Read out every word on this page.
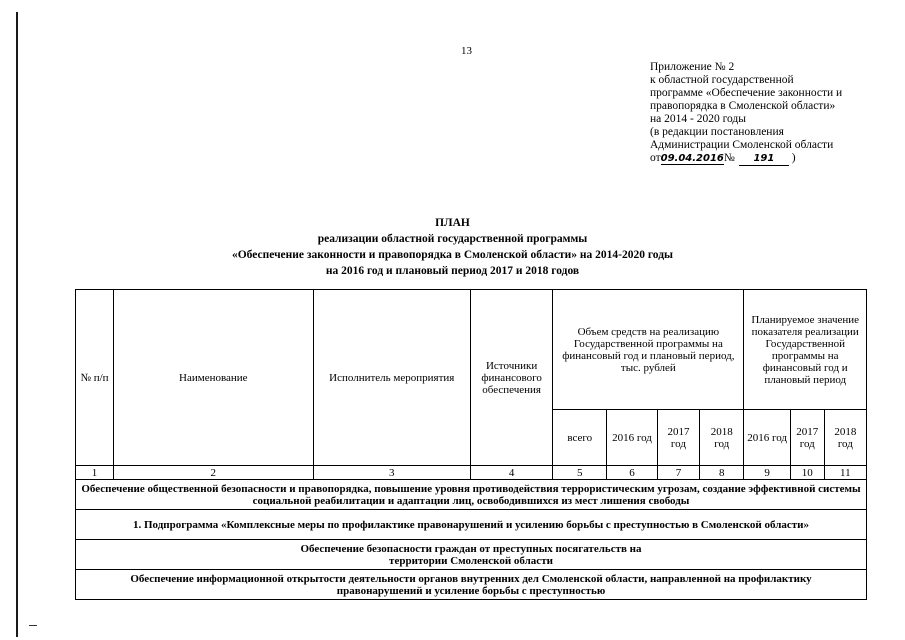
13
Приложение № 2
к областной государственной
программе «Обеспечение законности и
правопорядка в Смоленской области»
на 2014 - 2020 годы
(в редакции постановления
Администрации Смоленской области
от09.04.2016№ 191 )
ПЛАН
реализации областной государственной программы
«Обеспечение законности и правопорядка в Смоленской области» на 2014-2020 годы
на 2016 год и плановый период 2017 и 2018 годов
№ п/п	Наименование	Исполнитель мероприятия	Источники финансового обеспечения	Объем средств на реализацию Государственной программы на финансовый год и плановый период, тыс. рублей				Планируемое значение показателя реализации Государственной программы на финансовый год и плановый период		
				всего	2016 год	2017 год	2018 год	2016 год	2017 год	2018 год
1	2	3	4	5	6	7	8	9	10	11
Обеспечение общественной безопасности и правопорядка, повышение уровня противодействия террористическим угрозам, создание эффективной системы социальной реабилитации и адаптации лиц, освободившихся из мест лишения свободы										
1. Подпрограмма «Комплексные меры по профилактике правонарушений и усилению борьбы с преступностью в Смоленской области»										
Обеспечение безопасности граждан от преступных посягательств на территории Смоленской области										
Обеспечение информационной открытости деятельности органов внутренних дел Смоленской области, направленной на профилактику правонарушений и усиление борьбы с преступностью										
